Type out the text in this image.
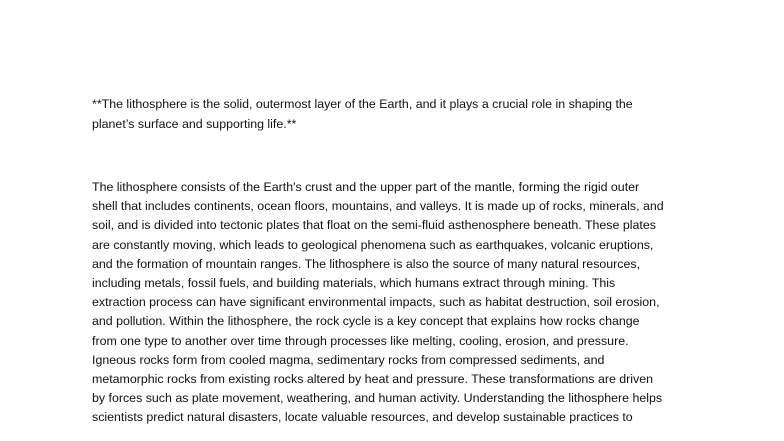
**The lithosphere is the solid, outermost layer of the Earth, and it plays a crucial role in shaping the
planet’s surface and supporting life.**

The lithosphere consists of the Earth's crust and the upper part of the mantle, forming the rigid outer
shell that includes continents, ocean floors, mountains, and valleys. It is made up of rocks, minerals, and
soil, and is divided into tectonic plates that float on the semi-fluid asthenosphere beneath. These plates
are constantly moving, which leads to geological phenomena such as earthquakes, volcanic eruptions,
and the formation of mountain ranges. The lithosphere is also the source of many natural resources,
including metals, fossil fuels, and building materials, which humans extract through mining. This
extraction process can have significant environmental impacts, such as habitat destruction, soil erosion,
and pollution. Within the lithosphere, the rock cycle is a key concept that explains how rocks change
from one type to another over time through processes like melting, cooling, erosion, and pressure.
Igneous rocks form from cooled magma, sedimentary rocks from compressed sediments, and
metamorphic rocks from existing rocks altered by heat and pressure. These transformations are driven
by forces such as plate movement, weathering, and human activity. Understanding the lithosphere helps
scientists predict natural disasters, locate valuable resources, and develop sustainable practices to
